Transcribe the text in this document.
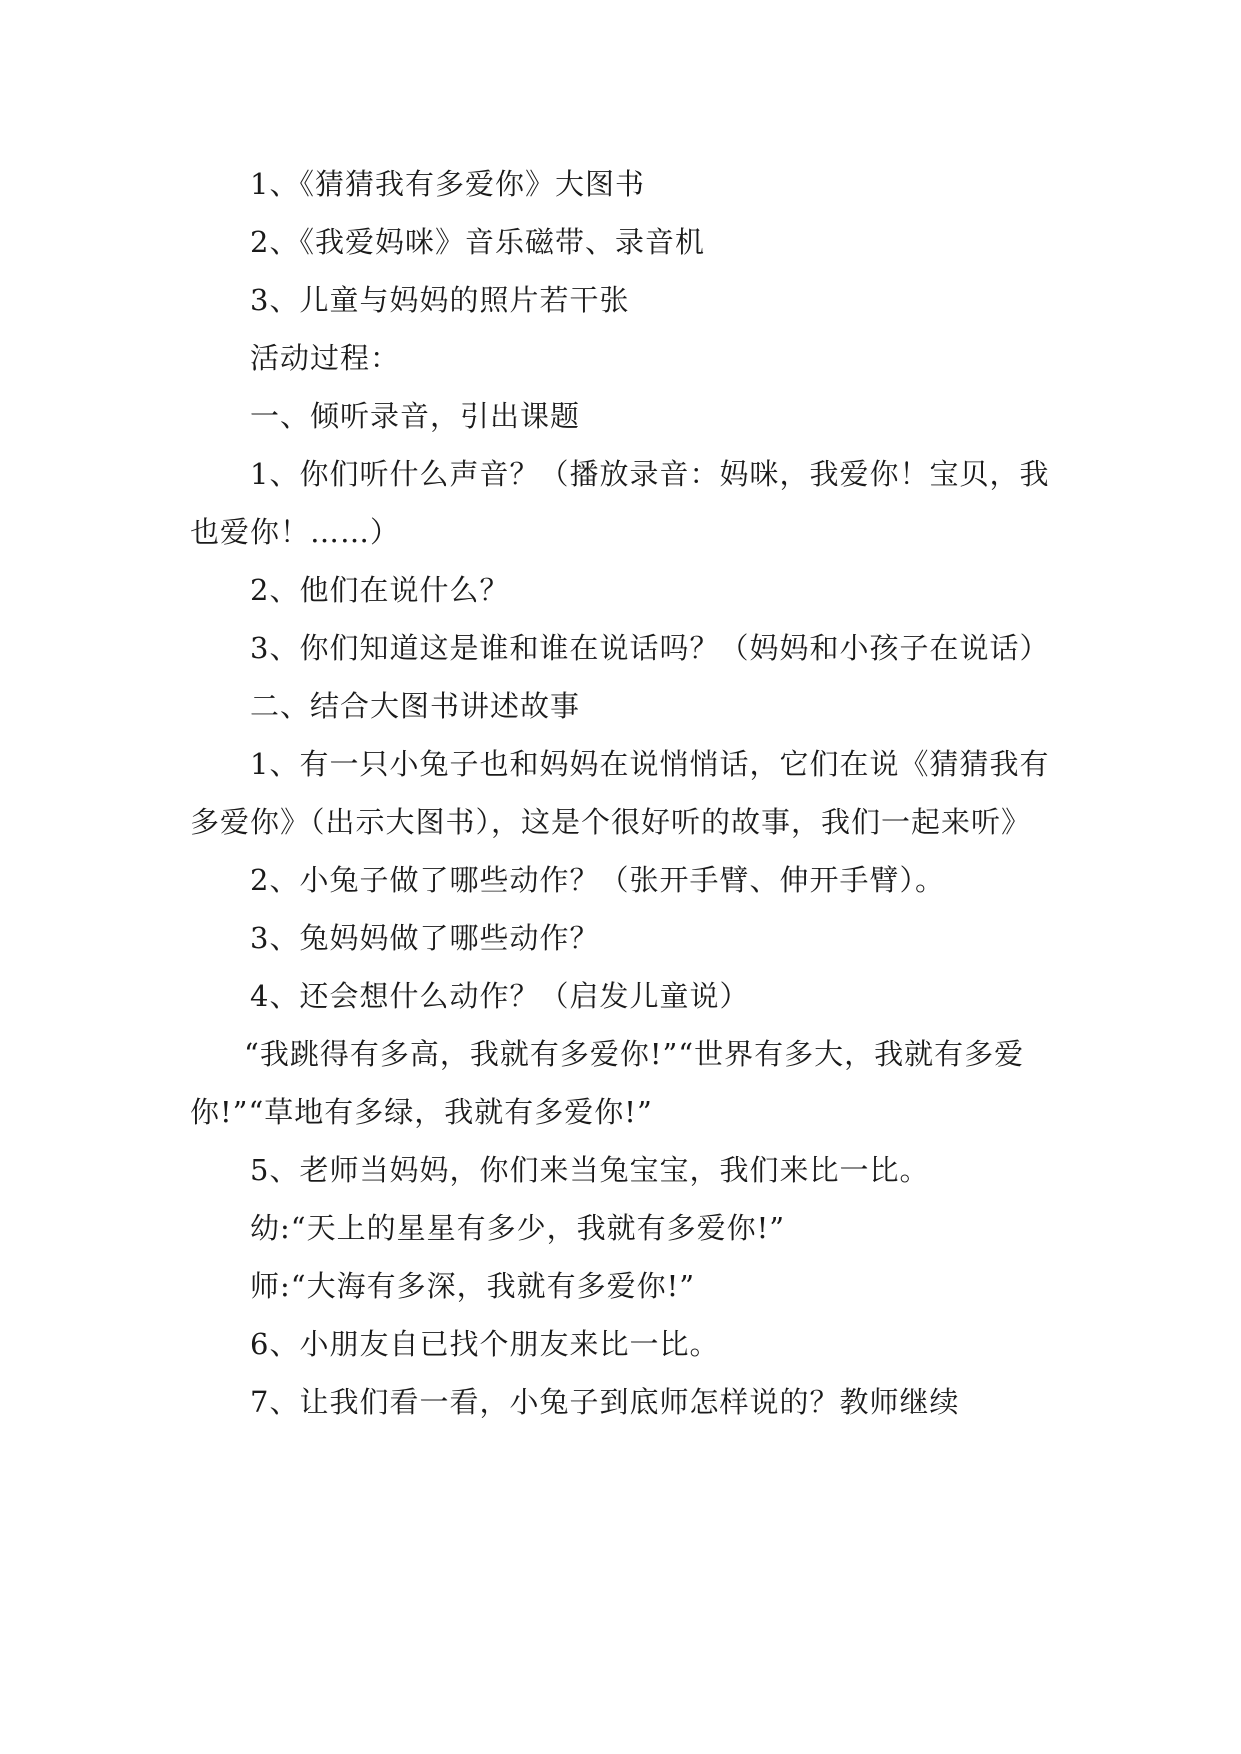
1、《猜猜我有多爱你》大图书

2、《我爱妈咪》音乐磁带、录音机

3、儿童与妈妈的照片若干张

活动过程：

一、倾听录音，引出课题

1、你们听什么声音？（播放录音：妈咪，我爱你！宝贝，我也爱你！……）

2、他们在说什么？

3、你们知道这是谁和谁在说话吗？（妈妈和小孩子在说话）

二、结合大图书讲述故事

1、有一只小兔子也和妈妈在说悄悄话，它们在说《猜猜我有多爱你》（出示大图书），这是个很好听的故事，我们一起来听》

2、小兔子做了哪些动作？（张开手臂、伸开手臂）。

3、兔妈妈做了哪些动作？

4、还会想什么动作？（启发儿童说）

“我跳得有多高，我就有多爱你!”“世界有多大，我就有多爱你!”“草地有多绿，我就有多爱你!”

5、老师当妈妈，你们来当兔宝宝，我们来比一比。

幼:“天上的星星有多少，我就有多爱你!”

师:“大海有多深，我就有多爱你!”

6、小朋友自已找个朋友来比一比。

7、让我们看一看，小兔子到底师怎样说的？教师继续
